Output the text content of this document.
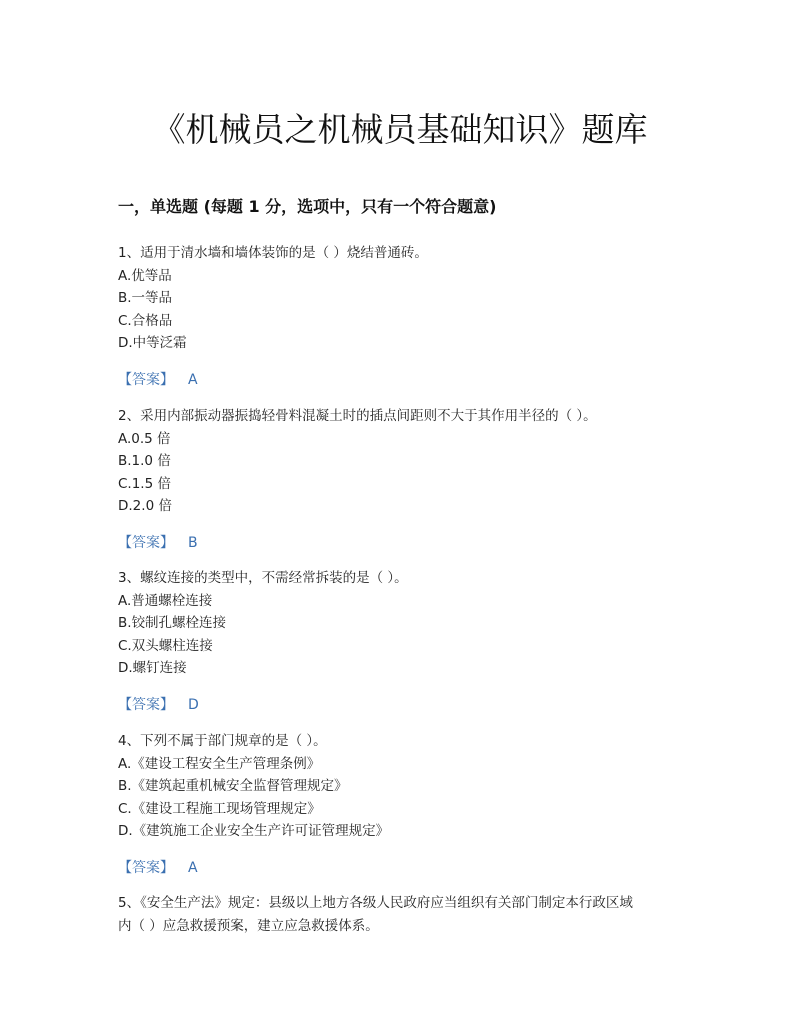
《机械员之机械员基础知识》题库
一，单选题 (每题 1 分，选项中，只有一个符合题意)

1、适用于清水墙和墙体装饰的是（ ）烧结普通砖。

A.优等品

B.一等品

C.合格品

D.中等泛霜

【答案】 A

2、采用内部振动器振捣轻骨料混凝土时的插点间距则不大于其作用半径的（ ）。

A.0.5 倍

B.1.0 倍

C.1.5 倍

D.2.0 倍

【答案】 B

3、螺纹连接的类型中，不需经常拆装的是（ ）。

A.普通螺栓连接

B.铰制孔螺栓连接

C.双头螺柱连接

D.螺钉连接

【答案】 D

4、下列不属于部门规章的是（ ）。

A.《建设工程安全生产管理条例》

B.《建筑起重机械安全监督管理规定》

C.《建设工程施工现场管理规定》

D.《建筑施工企业安全生产许可证管理规定》

【答案】 A

5、《安全生产法》规定：县级以上地方各级人民政府应当组织有关部门制定本行政区域

内（ ）应急救援预案，建立应急救援体系。
